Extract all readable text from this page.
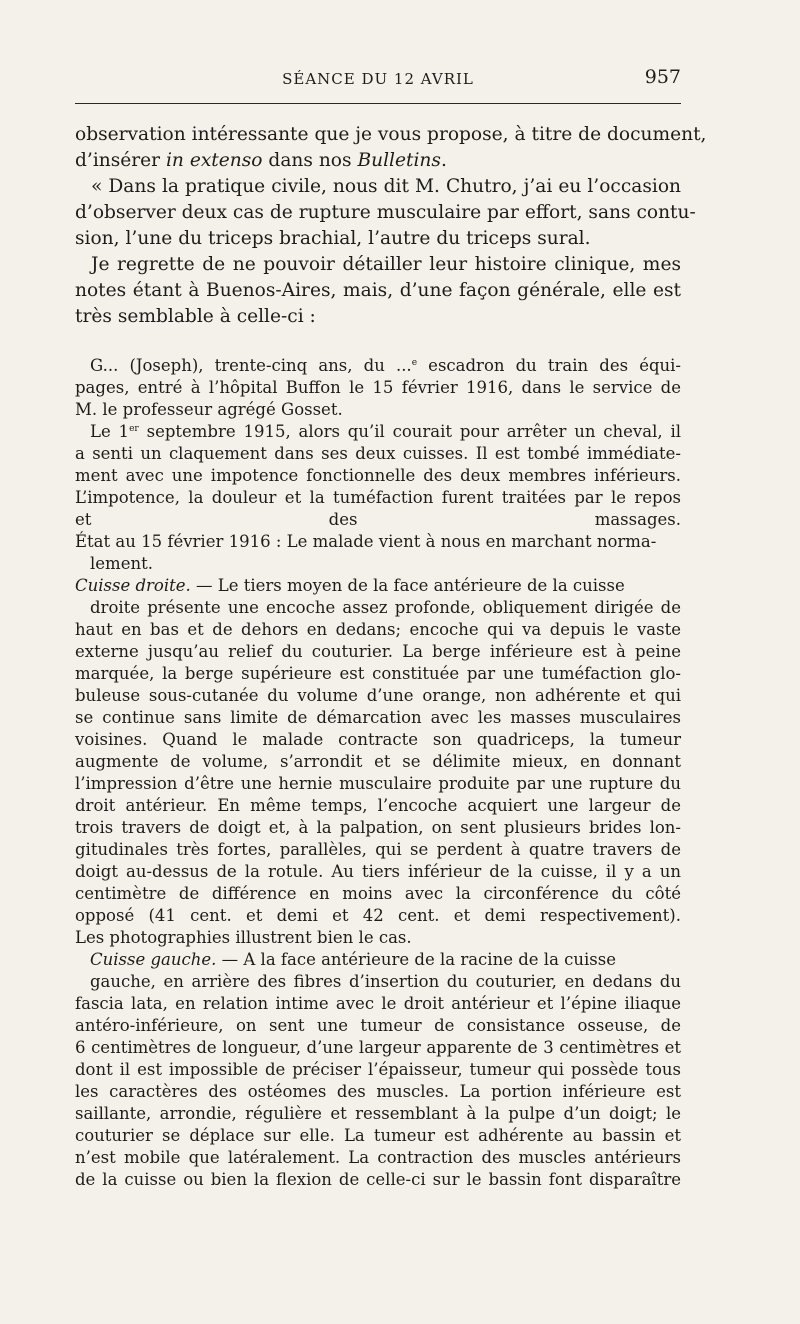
SÉANCE DU 12 AVRIL	957
observation intéressante que je vous propose, à titre de document,
d’insérer in extenso dans nos Bulletins.
« Dans la pratique civile, nous dit M. Chutro, j’ai eu l’occasion
d’observer deux cas de rupture musculaire par effort, sans contu-
sion, l’une du triceps brachial, l’autre du triceps sural.
Je regrette de ne pouvoir détailler leur histoire clinique, mes
notes étant à Buenos-Aires, mais, d’une façon générale, elle est
très semblable à celle-ci :
G... (Joseph), trente-cinq ans, du ...$^e$ escadron du train des équi-
pages, entré à l’hôpital Buffon le 15 février 1916, dans le service de
M. le professeur agrégé Gosset.
Le 1er septembre 1915, alors qu’il courait pour arrêter un cheval, il
a senti un claquement dans ses deux cuisses. Il est tombé immédiate-
ment avec une impotence fonctionnelle des deux membres inférieurs.
L’impotence, la douleur et la tuméfaction furent traitées par le repos
et des massages.
État au 15 février 1916 : Le malade vient à nous en marchant norma-
lement.
Cuisse droite. — Le tiers moyen de la face antérieure de la cuisse
droite présente une encoche assez profonde, obliquement dirigée de
haut en bas et de dehors en dedans; encoche qui va depuis le vaste
externe jusqu’au relief du couturier. La berge inférieure est à peine
marquée, la berge supérieure est constituée par une tuméfaction glo-
buleuse sous-cutanée du volume d’une orange, non adhérente et qui
se continue sans limite de démarcation avec les masses musculaires
voisines. Quand le malade contracte son quadriceps, la tumeur
augmente de volume, s’arrondit et se délimite mieux, en donnant
l’impression d’être une hernie musculaire produite par une rupture du
droit antérieur. En même temps, l’encoche acquiert une largeur de
trois travers de doigt et, à la palpation, on sent plusieurs brides lon-
gitudinales très fortes, parallèles, qui se perdent à quatre travers de
doigt au-dessus de la rotule. Au tiers inférieur de la cuisse, il y a un
centimètre de différence en moins avec la circonférence du côté
opposé (41 cent. et demi et 42 cent. et demi respectivement).
Les photographies illustrent bien le cas.
Cuisse gauche. — A la face antérieure de la racine de la cuisse
gauche, en arrière des fibres d’insertion du couturier, en dedans du
fascia lata, en relation intime avec le droit antérieur et l’épine iliaque
antéro-inférieure, on sent une tumeur de consistance osseuse, de
6 centimètres de longueur, d’une largeur apparente de 3 centimètres et
dont il est impossible de préciser l’épaisseur, tumeur qui possède tous
les caractères des ostéomes des muscles. La portion inférieure est
saillante, arrondie, régulière et ressemblant à la pulpe d’un doigt; le
couturier se déplace sur elle. La tumeur est adhérente au bassin et
n’est mobile que latéralement. La contraction des muscles antérieurs
de la cuisse ou bien la flexion de celle-ci sur le bassin font disparaître
